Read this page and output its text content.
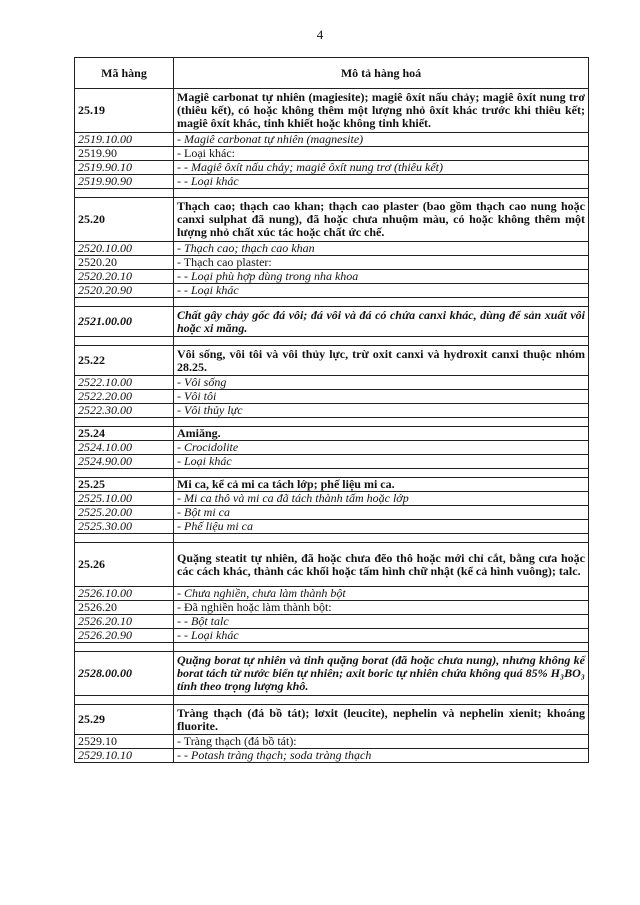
4
Mã hàng	Mô tả hàng hoá
25.19	Magiê carbonat tự nhiên (magiesite); magiê ôxít nấu chảy; magiê ôxít nung trơ (thiêu kết), có hoặc không thêm một lượng nhỏ ôxít khác trước khi thiêu kết; magiê ôxít khác, tinh khiết hoặc không tinh khiết.
2519.10.00	- Magiê carbonat tự nhiên (magnesite)
2519.90	- Loại khác:
2519.90.10	- - Magiê ôxít nấu chảy; magiê ôxít nung trơ (thiêu kết)
2519.90.90	- - Loại khác

25.20	Thạch cao; thạch cao khan; thạch cao plaster (bao gồm thạch cao nung hoặc canxi sulphat đã nung), đã hoặc chưa nhuộm màu, có hoặc không thêm một lượng nhỏ chất xúc tác hoặc chất ức chế.
2520.10.00	- Thạch cao; thạch cao khan
2520.20	- Thạch cao plaster:
2520.20.10	- - Loại phù hợp dùng trong nha khoa
2520.20.90	- - Loại khác

2521.00.00	Chất gây chảy gốc đá vôi; đá vôi và đá có chứa canxi khác, dùng để sản xuất vôi hoặc xi măng.

25.22	Vôi sống, vôi tôi và vôi thủy lực, trừ oxit canxi và hydroxit canxi thuộc nhóm 28.25.
2522.10.00	- Vôi sống
2522.20.00	- Vôi tôi
2522.30.00	- Vôi thủy lực

25.24	Amiăng.
2524.10.00	- Crocidolite
2524.90.00	- Loại khác

25.25	Mi ca, kể cả mi ca tách lớp; phế liệu mi ca.
2525.10.00	- Mi ca thô và mi ca đã tách thành tấm hoặc lớp
2525.20.00	- Bột mi ca
2525.30.00	- Phế liệu mi ca

25.26	Quặng steatit tự nhiên, đã hoặc chưa đẽo thô hoặc mới chỉ cắt, bằng cưa hoặc các cách khác, thành các khối hoặc tấm hình chữ nhật (kể cả hình vuông); talc.
2526.10.00	- Chưa nghiền, chưa làm thành bột
2526.20	- Đã nghiền hoặc làm thành bột:
2526.20.10	- - Bột talc
2526.20.90	- - Loại khác

2528.00.00	Quặng borat tự nhiên và tinh quặng borat (đã hoặc chưa nung), nhưng không kể borat tách từ nước biển tự nhiên; axit boric tự nhiên chứa không quá 85% H₃BO₃ tính theo trọng lượng khô.

25.29	Tràng thạch (đá bồ tát); lơxit (leucite), nephelin và nephelin xienit; khoáng fluorite.
2529.10	- Tràng thạch (đá bồ tát):
2529.10.10	- - Potash tràng thạch; soda tràng thạch
